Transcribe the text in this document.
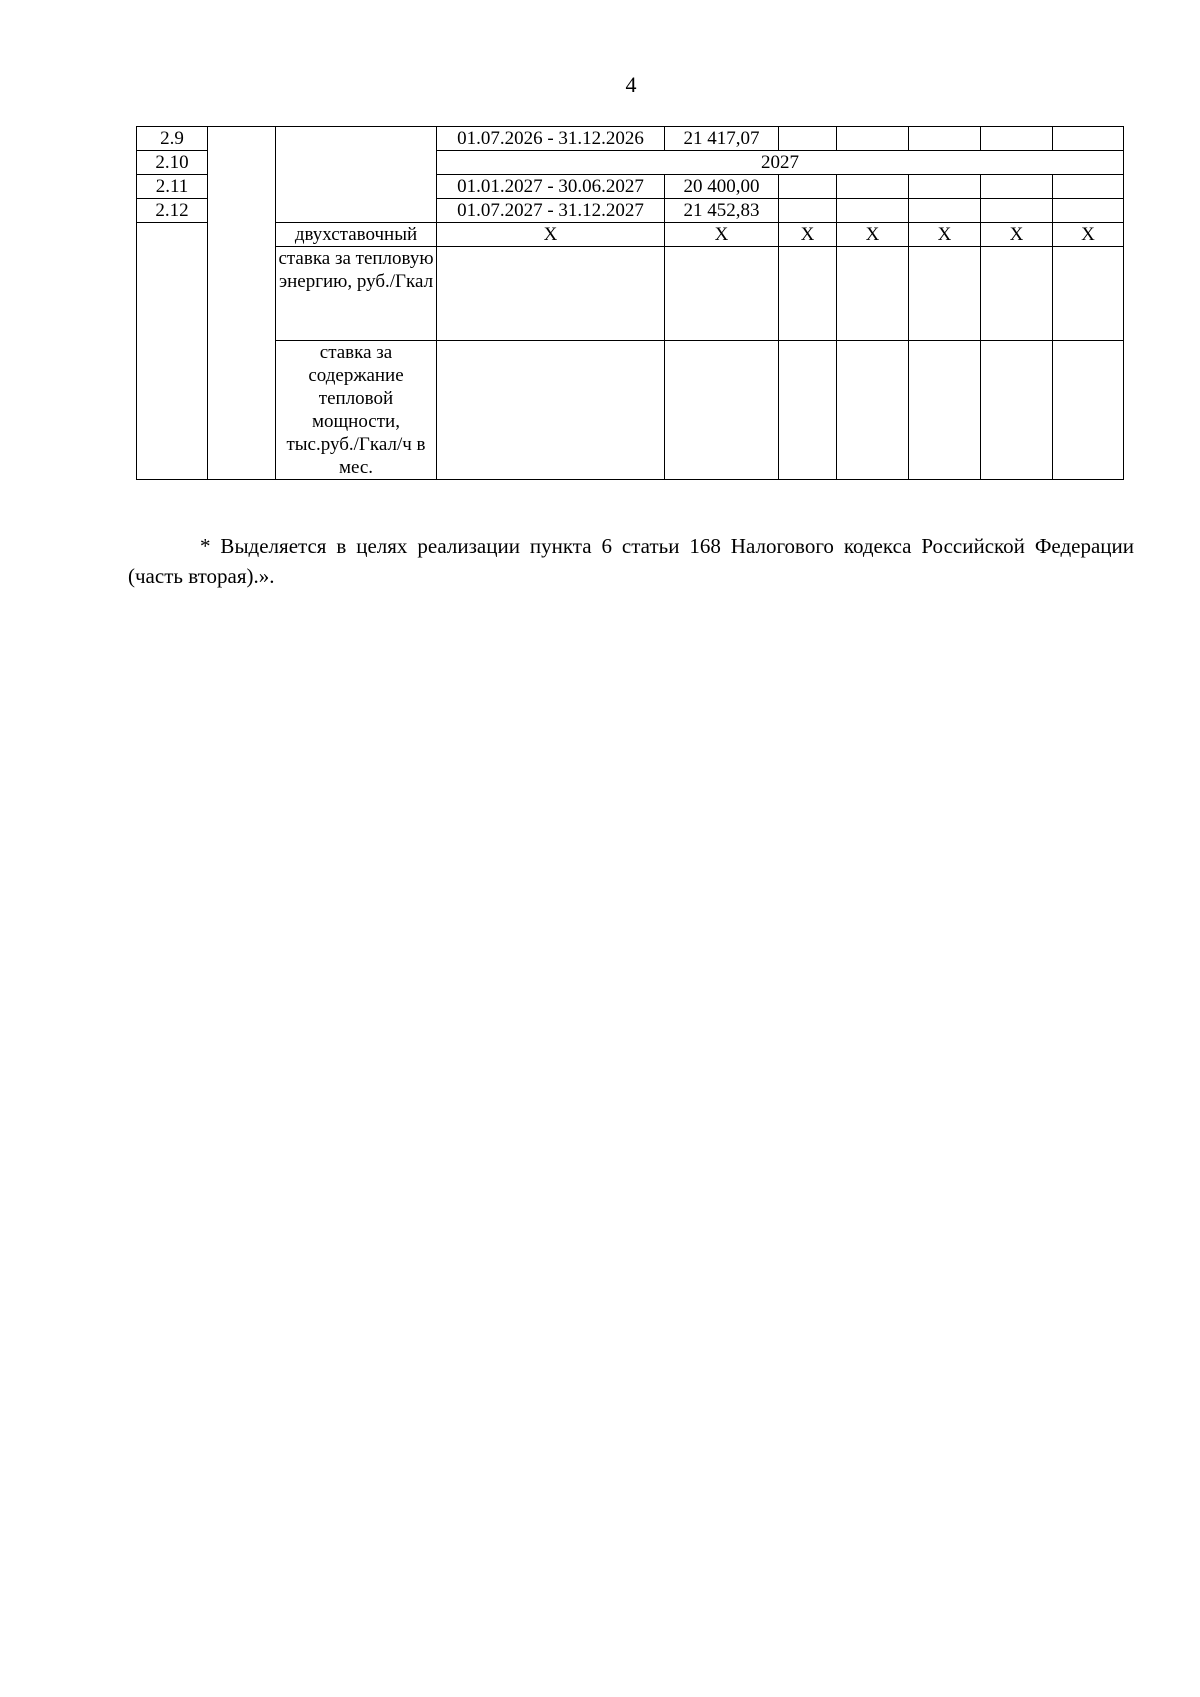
4
2.9			01.07.2026 - 31.12.2026	21 417,07					
2.10			2027						
2.11			01.01.2027 - 30.06.2027	20 400,00					
2.12			01.07.2027 - 31.12.2027	21 452,83					
		двухставочный	X	X	X	X	X	X	X
		ставка за тепловую энергию, руб./Гкал							
		ставка за содержание тепловой мощности, тыс.руб./Гкал/ч в мес.							

* Выделяется в целях реализации пункта 6 статьи 168 Налогового кодекса Российской Федерации (часть вторая).».
